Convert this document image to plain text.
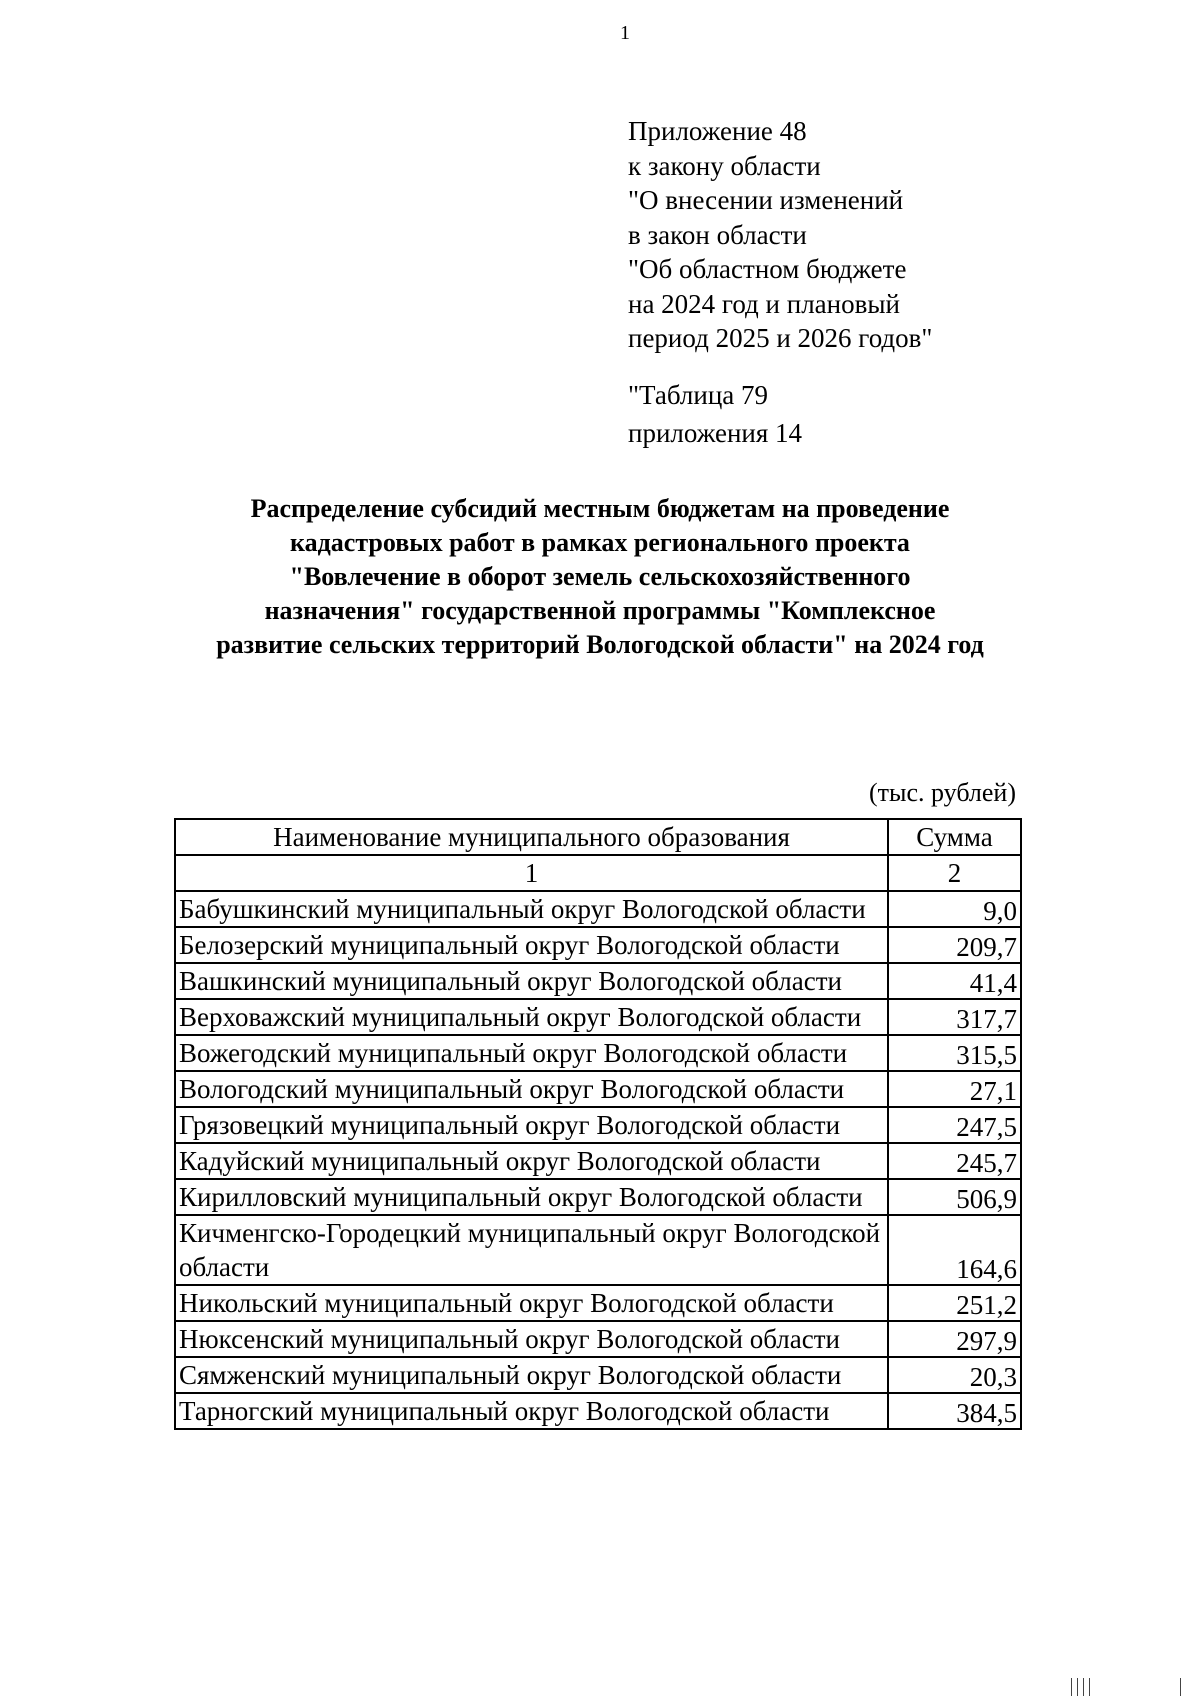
1
Приложение 48
к закону области
"О внесении изменений
в закон области
"Об областном бюджете
на 2024 год и плановый
период 2025 и 2026 годов"
"Таблица 79
приложения 14
Распределение субсидий местным бюджетам на проведение
кадастровых работ в рамках регионального проекта
"Вовлечение в оборот земель сельскохозяйственного
назначения" государственной программы "Комплексное
развитие сельских территорий Вологодской области" на 2024 год
(тыс. рублей)
Наименование муниципального образования	Сумма
1	2
Бабушкинский муниципальный округ Вологодской области	9,0
Белозерский муниципальный округ Вологодской области	209,7
Вашкинский муниципальный округ Вологодской области	41,4
Верховажский муниципальный округ Вологодской области	317,7
Вожегодский муниципальный округ Вологодской области	315,5
Вологодский муниципальный округ Вологодской области	27,1
Грязовецкий муниципальный округ Вологодской области	247,5
Кадуйский муниципальный округ Вологодской области	245,7
Кирилловский муниципальный округ Вологодской области	506,9
Кичменгско-Городецкий муниципальный округ Вологодской области	164,6
Никольский муниципальный округ Вологодской области	251,2
Нюксенский муниципальный округ Вологодской области	297,9
Сямженский муниципальный округ Вологодской области	20,3
Тарногский муниципальный округ Вологодской области	384,5
